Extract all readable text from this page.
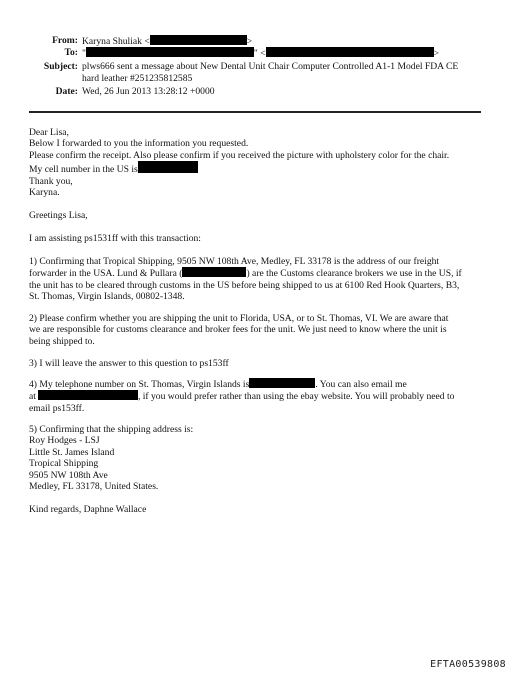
From: Karyna Shuliak <	>
To: "	" <	>
Subject: plws666 sent a message about New Dental Unit Chair Computer Controlled A1-1 Model FDA CE
hard leather #251235812585
Date: Wed, 26 Jun 2013 13:28:12 +0000
Dear Lisa,
Below I forwarded to you the information you requested.
Please confirm the receipt. Also please confirm if you received the picture with upholstery color for the chair.
My cell number in the US is
Thank you,
Karyna.
Greetings Lisa,
I am assisting ps1531ff with this transaction:
1) Confirming that Tropical Shipping, 9505 NW 108th Ave, Medley, FL 33178 is the address of our freight
forwarder in the USA. Lund & Pullara (	) are the Customs clearance brokers we use in the US, if
the unit has to be cleared through customs in the US before being shipped to us at 6100 Red Hook Quarters, B3,
St. Thomas, Virgin Islands, 00802-1348.
2) Please confirm whether you are shipping the unit to Florida, USA, or to St. Thomas, VI. We are aware that
we are responsible for customs clearance and broker fees for the unit. We just need to know where the unit is
being shipped to.
3) I will leave the answer to this question to ps153ff
4) My telephone number on St. Thomas, Virgin Islands is	. You can also email me
at	, if you would prefer rather than using the ebay website. You will probably need to
email ps153ff.
5) Confirming that the shipping address is:
Roy Hodges - LSJ
Little St. James Island
Tropical Shipping
9505 NW 108th Ave
Medley, FL 33178, United States.
Kind regards, Daphne Wallace
EFTA00539808
